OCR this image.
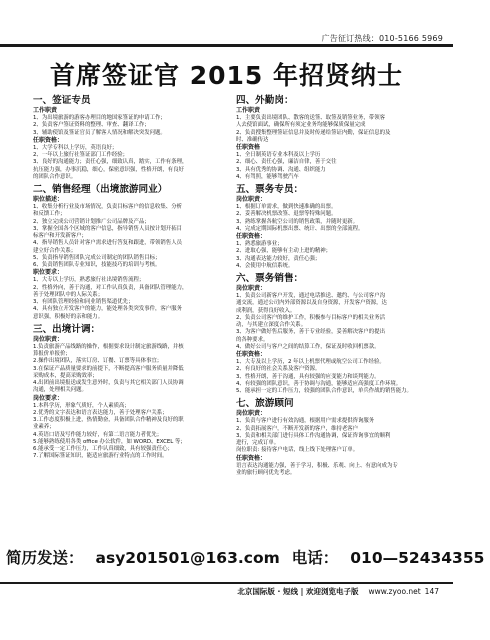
广告征订热线：010-5166 5969
首席签证官 2015 年招贤纳士
一、签证专员
工作职责
1、为出境旅游的游客办理目的地国家签证的申请工作；
2、负责客户签证资料的整理、审查、翻译工作；
3、辅助使馆及签证官员了解客人情况和解决突发问题。
任职资格：
1、大学专科以上学历，英语良好；
2、一年以上旅行社签证部门工作经验；
3、良好的沟通能力；责任心强，细致认真，踏实，工作有条理，
抗压能力强，办事沉稳，细心，保密意识强，性格开朗，有良好
的团队合作意识。
二、销售经理（出境旅游同业）
职位描述：
1、收集分析行业及市场情况，负责目标客户的信息收集、分析
和反馈工作；
2、独立完成公司营销计划推广公司品牌及产品；
3、掌握全国各个区域的客户信息，指导销售人员按计划开拓目
标客户和开发新客户；
4、指导销售人员针对客户需求进行答复和跟进，带领销售人员
建立好合作关系；
5、负责指导销售团队完成公司制定的团队销售目标；
6、负责销售团队专业知识，技能技巧的培训与考核。
职位要求：
1、大专以上学历，熟悉旅行社出境销售流程；
2、性格外向，善于沟通，对工作认真负责，具备团队管理能力，
善于处理团队中的人际关系；
3、有团队管理经验和同业销售渠道优先；
4、具有独立开发客户的能力，能处理各类突发事件，客户服务
意识强，积极好的亲和能力。
三、出境计调：
岗位职责：
1.负责旅游产品线路的操作，根据要求设计制定旅游线路，并核
算报价单报价；
2.操作出境团队，落实订房、订餐、订票等具体事宜；
3.在保证产品质量要求的前提下，不断提高客户服务质量并降低
采购成本，提高采购效率；
4.出团前出境报送或发生意外时，负责与其它相关部门人员协调
沟通，处理相关问题。
岗位要求：
1.本科学历，形象气质好，个人素质高；
2.优秀的文字表达和语言表达能力，善于处理客户关系；
3.工作态度积极上进，热情勤奋，具备团队合作精神及良好的职
业素养；
4.英语口语及写作能力较好，有第二语言能力者优先；
5.能够熟练使用各类 office 办公软件，如 WORD、EXCEL 等；
6.能承受一定工作压力，工作认真细致，具有较强责任心；
7.了解国际签证知识，能适应旅游行业特点的工作时间。
四、外勤岗：
工作职责
1、主要负责出境团队、散客的送签、取签及销签业务，带领客
人去使馆面试，确保所有须定业务均能够保质保量完成
2、负责搜集整理签证信息并及时传递给签证内勤，保证信息的及
时、准确传达
任职资格
1、全日制英语专业本科及以上学历
2、细心、责任心强，廉洁自律，善于交往
3、具有优秀的协调、沟通、组织能力
4、有驾照，能够驾驶汽车
五、票务专员：
岗位职责：
1、根据订单需求，做到快速准确的出票。
2、妥善解决机票改签、退票等特殊问题。
3、熟练掌握各航空公司的销售政策，并随时更新。
4、完成定期国际机票出票、统计、出票的全部流程。
任职资格：
1、熟悉旅游事业；
2、进取心强，能够有主动上进的精神；
3、沟通表达能力较好，责任心强；
4、会使用中航信系统。
六、票务销售：
岗位职责：
1、负责公司新客户开发，通过电话推送、邀约、与公司客户沟
通交流，通过公司内外部资源以及自身资源，开发客户资源，达
成利润，获得良好收入。
2、负责公司客户的维护工作，积极参与目标客户的相关业务活
动，与其建立深度合作关系。
3、为客户做好售后服务，善于专业经验，妥善解决客户的提出
的各种要求。
4、做好公司与客户之间的结算工作，保证及时收回机票款。
任职资格：
1、大专及以上学历，2 年以上机票代理或航空公司工作经验。
2、有良好的社会关系及客户资源。
3、性格开朗，善于沟通，具有较强的应变能力和谈判能力。
4、有较强的团队意识，善于协调与沟通，能够适应高强度工作环境。
5、能承担一定的工作压力，较强的团队合作意识，单兵作战的销售能力。
七、旅游顾问
岗位职责：
1、负责与客户进行有效沟通，根据用户需求提供咨询服务
2、负责拓展客户，不断开发新的客户，维持老客户
3、负责和相关部门进行具体工作沟通协调，保证咨询事宜的顺利
进行，完成订单。
岗位职责: 接待客户电话，线上线下处理客户订单。
任职资格：
语言表达沟通能力强，善于学习，积极、乐观、向上、有意向成为专
业的旅行顾问优先考虑。
简历发送： asy201501@163.com 电话： 010—52434355
北京国际版 · 短线 | 欢迎浏览电子版 www.zyoo.net 147
